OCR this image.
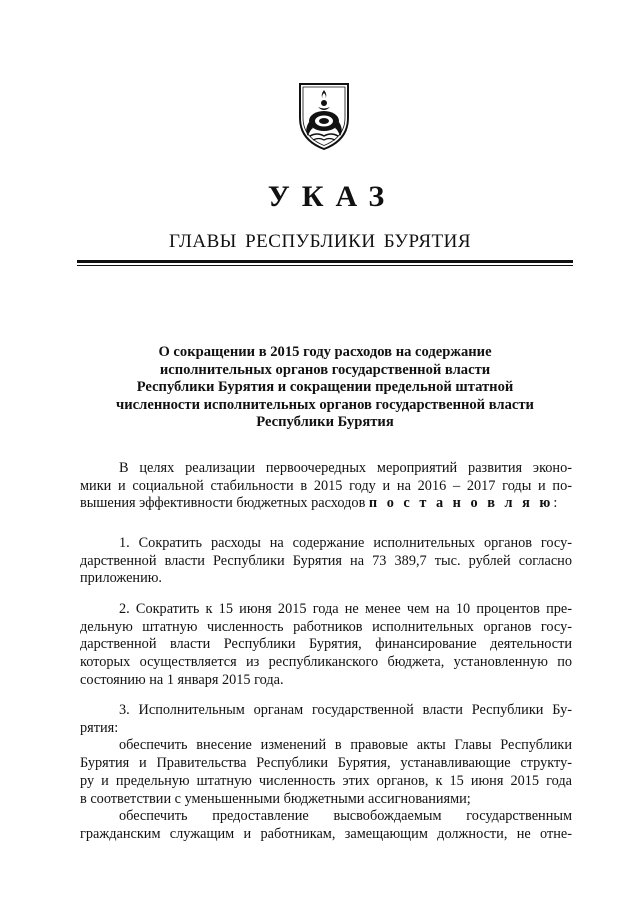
УКАЗ
ГЛАВЫ РЕСПУБЛИКИ БУРЯТИЯ
О сокращении в 2015 году расходов на содержание
исполнительных органов государственной власти
Республики Бурятия и сокращении предельной штатной
численности исполнительных органов государственной власти
Республики Бурятия
В целях реализации первоочередных мероприятий развития эконо-
мики и социальной стабильности в 2015 году и на 2016 – 2017 годы и по-
вышения эффективности бюджетных расходов п о с т а н о в л я ю:
1. Сократить расходы на содержание исполнительных органов госу-
дарственной власти Республики Бурятия на 73 389,7 тыс. рублей согласно
приложению.
2. Сократить к 15 июня 2015 года не менее чем на 10 процентов пре-
дельную штатную численность работников исполнительных органов госу-
дарственной власти Республики Бурятия, финансирование деятельности
которых осуществляется из республиканского бюджета, установленную по
состоянию на 1 января 2015 года.
3. Исполнительным органам государственной власти Республики Бу-
рятия:
обеспечить внесение изменений в правовые акты Главы Республики
Бурятия и Правительства Республики Бурятия, устанавливающие структу-
ру и предельную штатную численность этих органов, к 15 июня 2015 года
в соответствии с уменьшенными бюджетными ассигнованиями;
обеспечить предоставление высвобождаемым государственным
гражданским служащим и работникам, замещающим должности, не отне-
